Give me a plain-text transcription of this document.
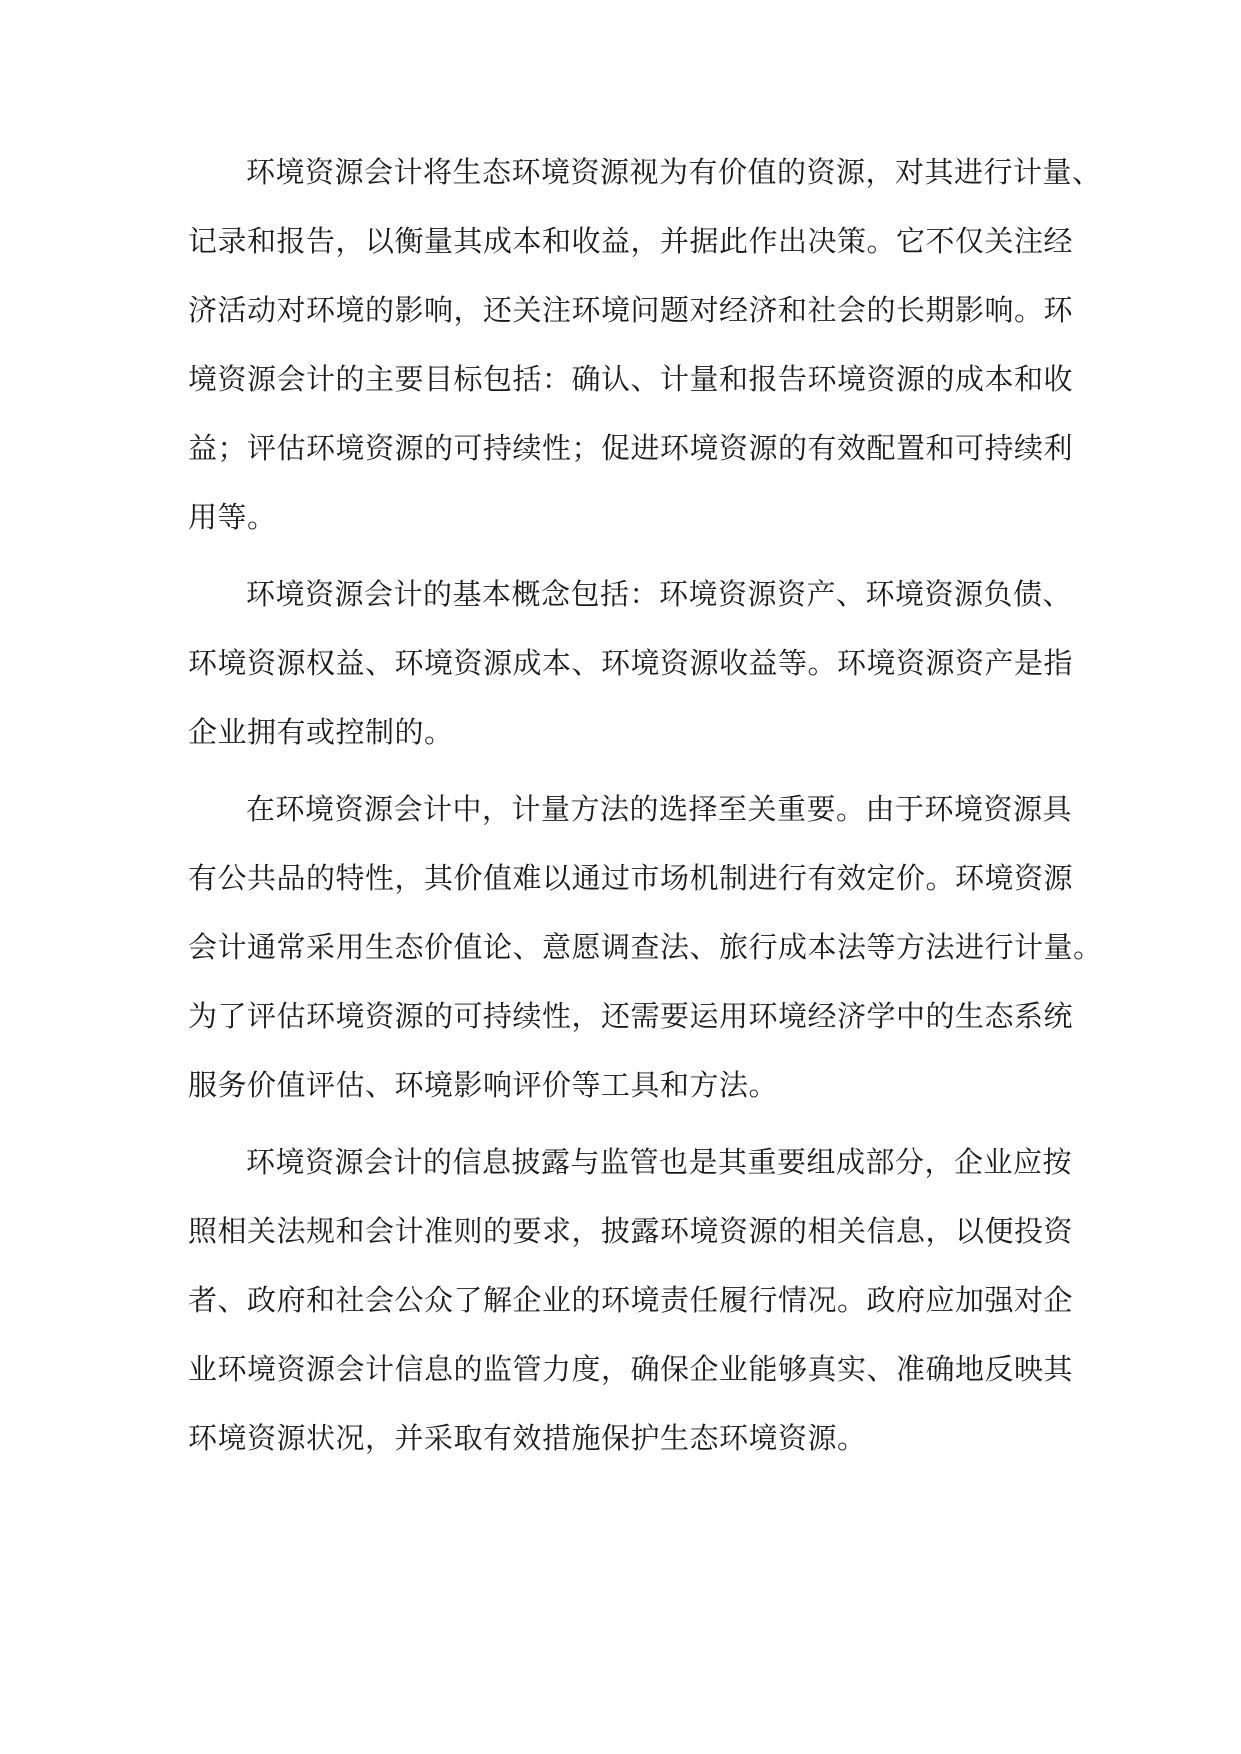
环境资源会计将生态环境资源视为有价值的资源，对其进行计量、
记录和报告，以衡量其成本和收益，并据此作出决策。它不仅关注经
济活动对环境的影响，还关注环境问题对经济和社会的长期影响。环
境资源会计的主要目标包括：确认、计量和报告环境资源的成本和收
益；评估环境资源的可持续性；促进环境资源的有效配置和可持续利
用等。
环境资源会计的基本概念包括：环境资源资产、环境资源负债、
环境资源权益、环境资源成本、环境资源收益等。环境资源资产是指
企业拥有或控制的。
在环境资源会计中，计量方法的选择至关重要。由于环境资源具
有公共品的特性，其价值难以通过市场机制进行有效定价。环境资源
会计通常采用生态价值论、意愿调查法、旅行成本法等方法进行计量。
为了评估环境资源的可持续性，还需要运用环境经济学中的生态系统
服务价值评估、环境影响评价等工具和方法。
环境资源会计的信息披露与监管也是其重要组成部分，企业应按
照相关法规和会计准则的要求，披露环境资源的相关信息，以便投资
者、政府和社会公众了解企业的环境责任履行情况。政府应加强对企
业环境资源会计信息的监管力度，确保企业能够真实、准确地反映其
环境资源状况，并采取有效措施保护生态环境资源。
